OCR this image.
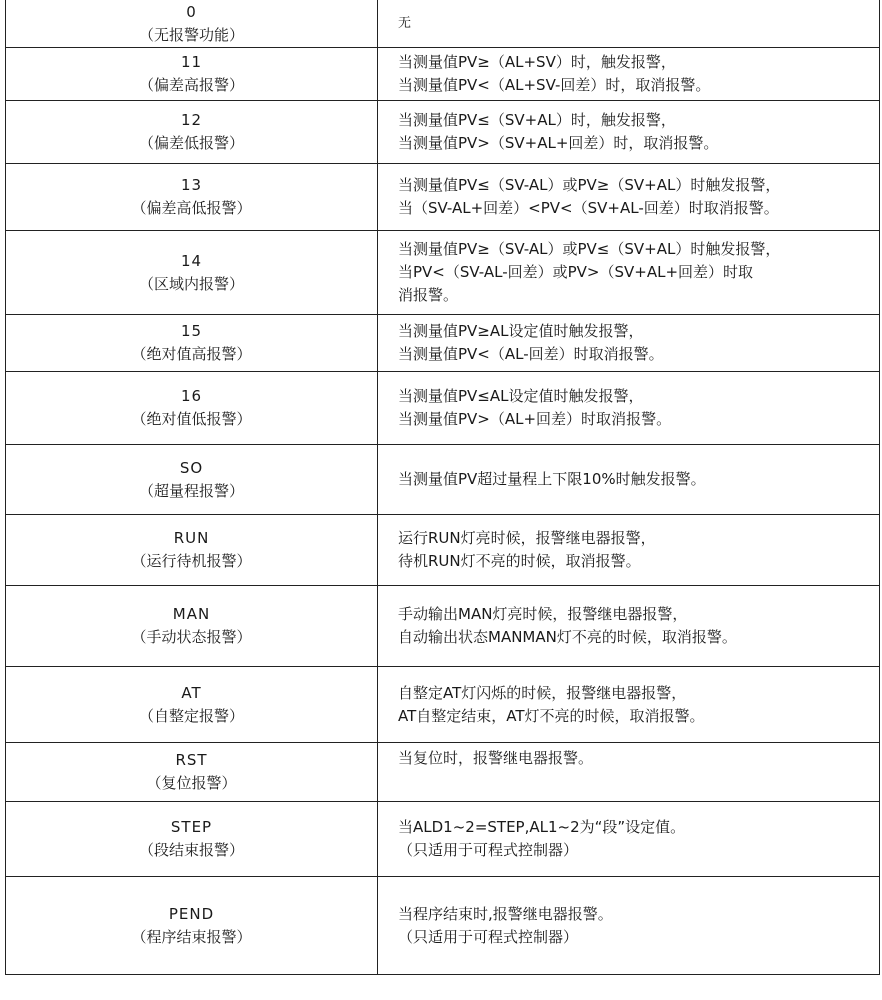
0
（无报警功能）	无

11
（偏差高报警）	当测量值PV≥（AL+SV）时，触发报警，
当测量值PV<（AL+SV-回差）时，取消报警。

12
（偏差低报警）	当测量值PV≤（SV+AL）时，触发报警，
当测量值PV>（SV+AL+回差）时，取消报警。

13
（偏差高低报警）	当测量值PV≤（SV-AL）或PV≥（SV+AL）时触发报警，
当（SV-AL+回差）<PV<（SV+AL-回差）时取消报警。

14
（区域内报警）	当测量值PV≥（SV-AL）或PV≤（SV+AL）时触发报警，
当PV<（SV-AL-回差）或PV>（SV+AL+回差）时取
消报警。

15
（绝对值高报警）	当测量值PV≥AL设定值时触发报警，
当测量值PV<（AL-回差）时取消报警。

16
（绝对值低报警）	当测量值PV≤AL设定值时触发报警，
当测量值PV>（AL+回差）时取消报警。

SO
（超量程报警）	当测量值PV超过量程上下限10%时触发报警。

RUN
（运行待机报警）	运行RUN灯亮时候，报警继电器报警，
待机RUN灯不亮的时候，取消报警。

MAN
（手动状态报警）	手动输出MAN灯亮时候，报警继电器报警，
自动输出状态MANMAN灯不亮的时候，取消报警。

AT
（自整定报警）	自整定AT灯闪烁的时候，报警继电器报警，
AT自整定结束，AT灯不亮的时候，取消报警。

RST
（复位报警）	当复位时，报警继电器报警。

STEP
（段结束报警）	当ALD1~2=STEP,AL1~2为“段”设定值。
（只适用于可程式控制器）

PEND
（程序结束报警）	当程序结束时,报警继电器报警。
（只适用于可程式控制器）
